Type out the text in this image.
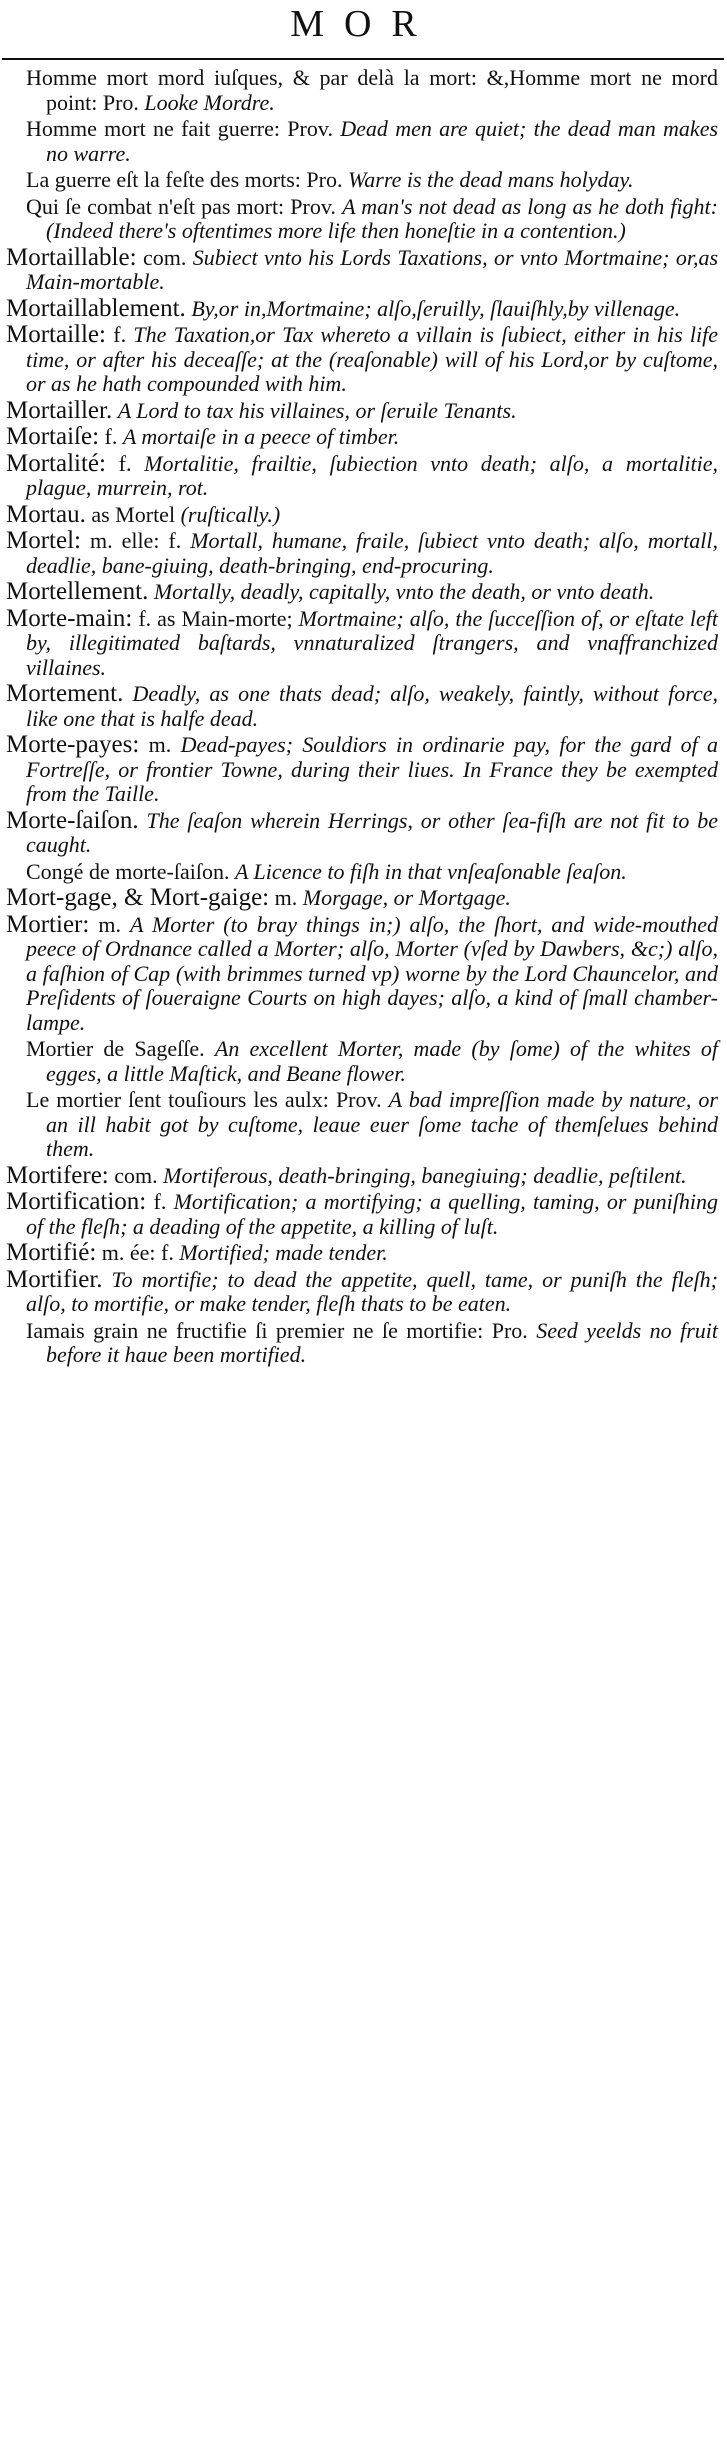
MOR

Homme mort mord iuſques, & par delà la mort: &,Homme mort ne mord point: Pro. Looke Mordre.

Homme mort ne fait guerre: Prov. Dead men are quiet; the dead man makes no warre.

La guerre eſt la feſte des morts: Pro. Warre is the dead mans holyday.

Qui ſe combat n'eſt pas mort: Prov. A man's not dead as long as he doth fight: (Indeed there's oftentimes more life then honeſtie in a contention.)

Mortaillable: com. Subiect vnto his Lords Taxations, or vnto Mortmaine; or,as Main-mortable.

Mortaillablement. By,or in,Mortmaine; alſo,ſeruilly, ſlauiſhly,by villenage.

Mortaille: f. The Taxation,or Tax whereto a villain is ſubiect, either in his life time, or after his deceaſſe; at the (reaſonable) will of his Lord,or by cuſtome, or as he hath compounded with him.

Mortailler. A Lord to tax his villaines, or ſeruile Tenants.

Mortaiſe: f. A mortaiſe in a peece of timber.

Mortalité: f. Mortalitie, frailtie, ſubiection vnto death; alſo, a mortalitie, plague, murrein, rot.

Mortau. as Mortel (ruſtically.)

Mortel: m. elle: f. Mortall, humane, fraile, ſubiect vnto death; alſo, mortall, deadlie, bane-giuing, death-bringing, end-procuring.

Mortellement. Mortally, deadly, capitally, vnto the death, or vnto death.

Morte-main: f. as Main-morte; Mortmaine; alſo, the ſucceſſion of, or eſtate left by, illegitimated baſtards, vnnaturalized ſtrangers, and vnaffranchized villaines.

Mortement. Deadly, as one thats dead; alſo, weakely, faintly, without force, like one that is halfe dead.

Morte-payes: m. Dead-payes; Souldiors in ordinarie pay, for the gard of a Fortreſſe, or frontier Towne, during their liues. In France they be exempted from the Taille.

Morte-ſaiſon. The ſeaſon wherein Herrings, or other ſea-fiſh are not fit to be caught.

Congé de morte-ſaiſon. A Licence to fiſh in that vnſeaſonable ſeaſon.

Mort-gage, & Mort-gaige: m. Morgage, or Mortgage.

Mortier: m. A Morter (to bray things in;) alſo, the ſhort, and wide-mouthed peece of Ordnance called a Morter; alſo, Morter (vſed by Dawbers, &c;) alſo, a faſhion of Cap (with brimmes turned vp) worne by the Lord Chauncelor, and Preſidents of ſoueraigne Courts on high dayes; alſo, a kind of ſmall chamber-lampe.

Mortier de Sageſſe. An excellent Morter, made (by ſome) of the whites of egges, a little Maſtick, and Beane flower.

Le mortier ſent touſiours les aulx: Prov. A bad impreſſion made by nature, or an ill habit got by cuſtome, leaue euer ſome tache of themſelues behind them.

Mortifere: com. Mortiferous, death-bringing, banegiuing; deadlie, peſtilent.

Mortification: f. Mortification; a mortifying; a quelling, taming, or puniſhing of the fleſh; a deading of the appetite, a killing of luſt.

Mortifié: m. ée: f. Mortified; made tender.

Mortifier. To mortifie; to dead the appetite, quell, tame, or puniſh the fleſh; alſo, to mortifie, or make tender, fleſh thats to be eaten.

Iamais grain ne fructifie ſi premier ne ſe mortifie: Pro. Seed yeelds no fruit before it haue been mortified.
